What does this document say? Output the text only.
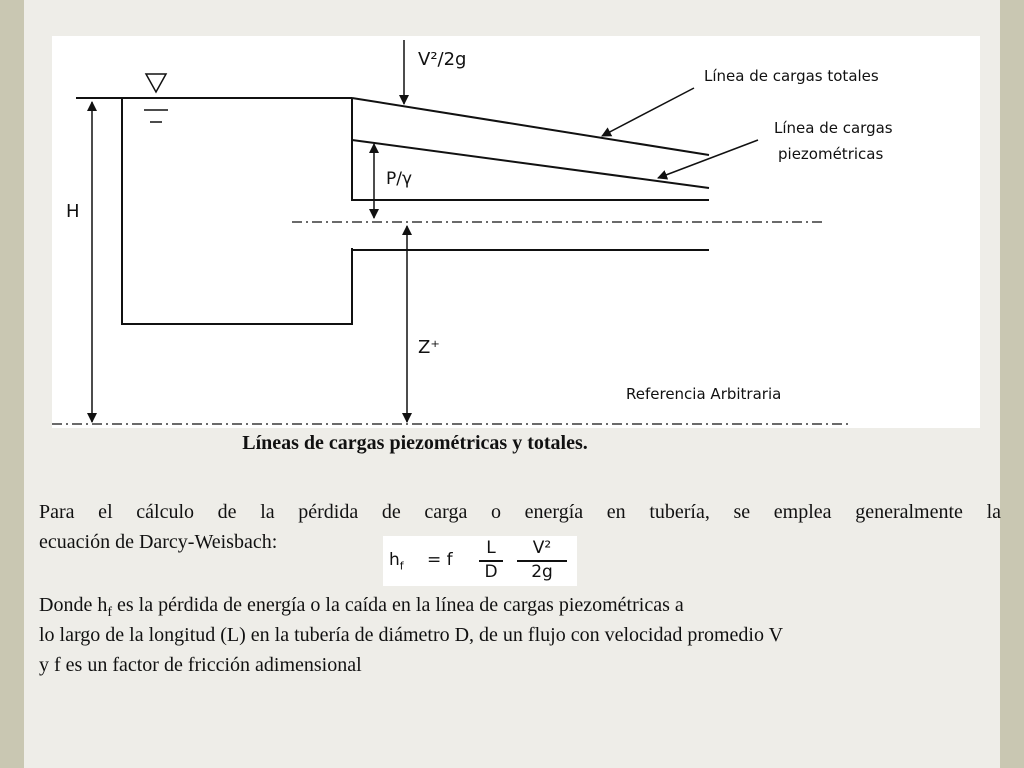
V²/2g
Línea de cargas totales
Línea de cargas
piezométricas
P/γ
H
Z⁺
Referencia Arbitraria
Líneas de cargas piezométricas y totales.
Para el cálculo de la pérdida de carga o energía en tubería, se emplea generalmente la
ecuación de Darcy-Weisbach:
$h_f = f$
L
D
V²
2g
Donde $h_f$ es la pérdida de energía o la caída en la línea de cargas piezométricas a
lo largo de la longitud (L) en la tubería de diámetro D, de un flujo con velocidad promedio V
y f es un factor de fricción adimensional
